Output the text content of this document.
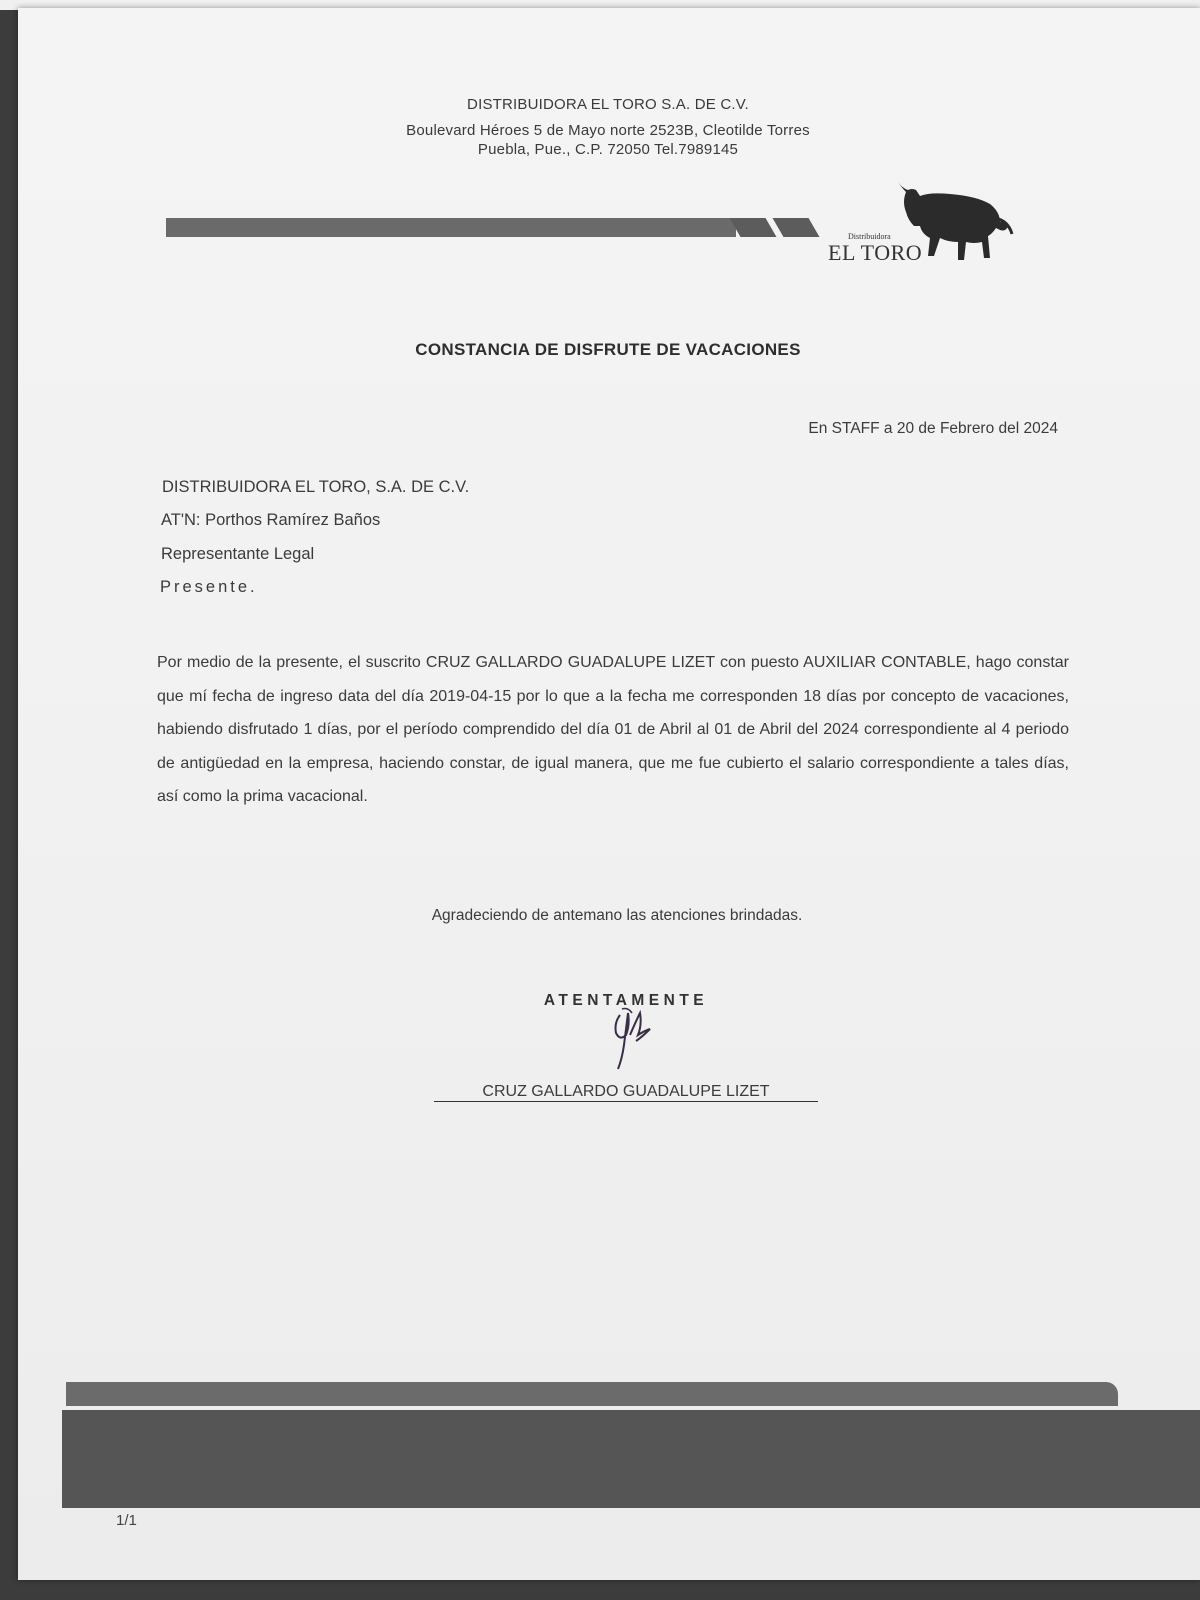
DISTRIBUIDORA EL TORO S.A. DE C.V.
Boulevard Héroes 5 de Mayo norte 2523B, Cleotilde Torres
Puebla, Pue., C.P. 72050 Tel.7989145
Distribuidora
EL TORO
CONSTANCIA DE DISFRUTE DE VACACIONES
En STAFF a 20 de Febrero del 2024
DISTRIBUIDORA EL TORO, S.A. DE C.V.
AT'N: Porthos Ramírez Baños
Representante Legal
Presente.
Por medio de la presente, el suscrito CRUZ GALLARDO GUADALUPE LIZET con puesto AUXILIAR CONTABLE, hago constar que mí fecha de ingreso data del día 2019-04-15 por lo que a la fecha me corresponden 18 días por concepto de vacaciones, habiendo disfrutado 1 días, por el período comprendido del día 01 de Abril al 01 de Abril del 2024 correspondiente al 4 periodo de antigüedad en la empresa, haciendo constar, de igual manera, que me fue cubierto el salario correspondiente a tales días, así como la prima vacacional.
Agradeciendo de antemano las atenciones brindadas.
ATENTAMENTE
CRUZ GALLARDO GUADALUPE LIZET
1/1
